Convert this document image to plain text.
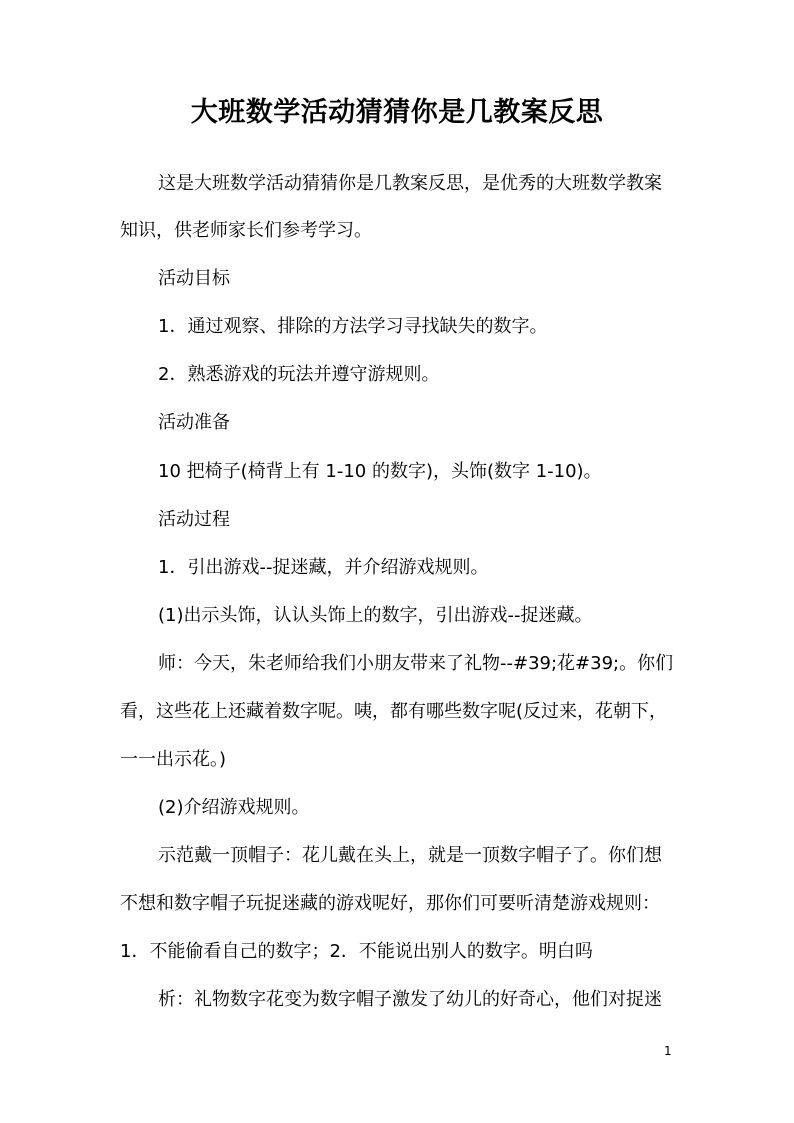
大班数学活动猜猜你是几教案反思
这是大班数学活动猜猜你是几教案反思，是优秀的大班数学教案
知识，供老师家长们参考学习。
活动目标
1．通过观察、排除的方法学习寻找缺失的数字。
2．熟悉游戏的玩法并遵守游规则。
活动准备
10 把椅子(椅背上有 1-10 的数字)，头饰(数字 1-10)。
活动过程
1．引出游戏--捉迷藏，并介绍游戏规则。
(1)出示头饰，认认头饰上的数字，引出游戏--捉迷藏。
师：今天，朱老师给我们小朋友带来了礼物--#39;花#39;。你们
看，这些花上还藏着数字呢。咦，都有哪些数字呢(反过来，花朝下，
一一出示花。)
(2)介绍游戏规则。
示范戴一顶帽子：花儿戴在头上，就是一顶数字帽子了。你们想
不想和数字帽子玩捉迷藏的游戏呢好，那你们可要听清楚游戏规则：
1．不能偷看自己的数字；2．不能说出别人的数字。明白吗
析：礼物数字花变为数字帽子激发了幼儿的好奇心，他们对捉迷
1
